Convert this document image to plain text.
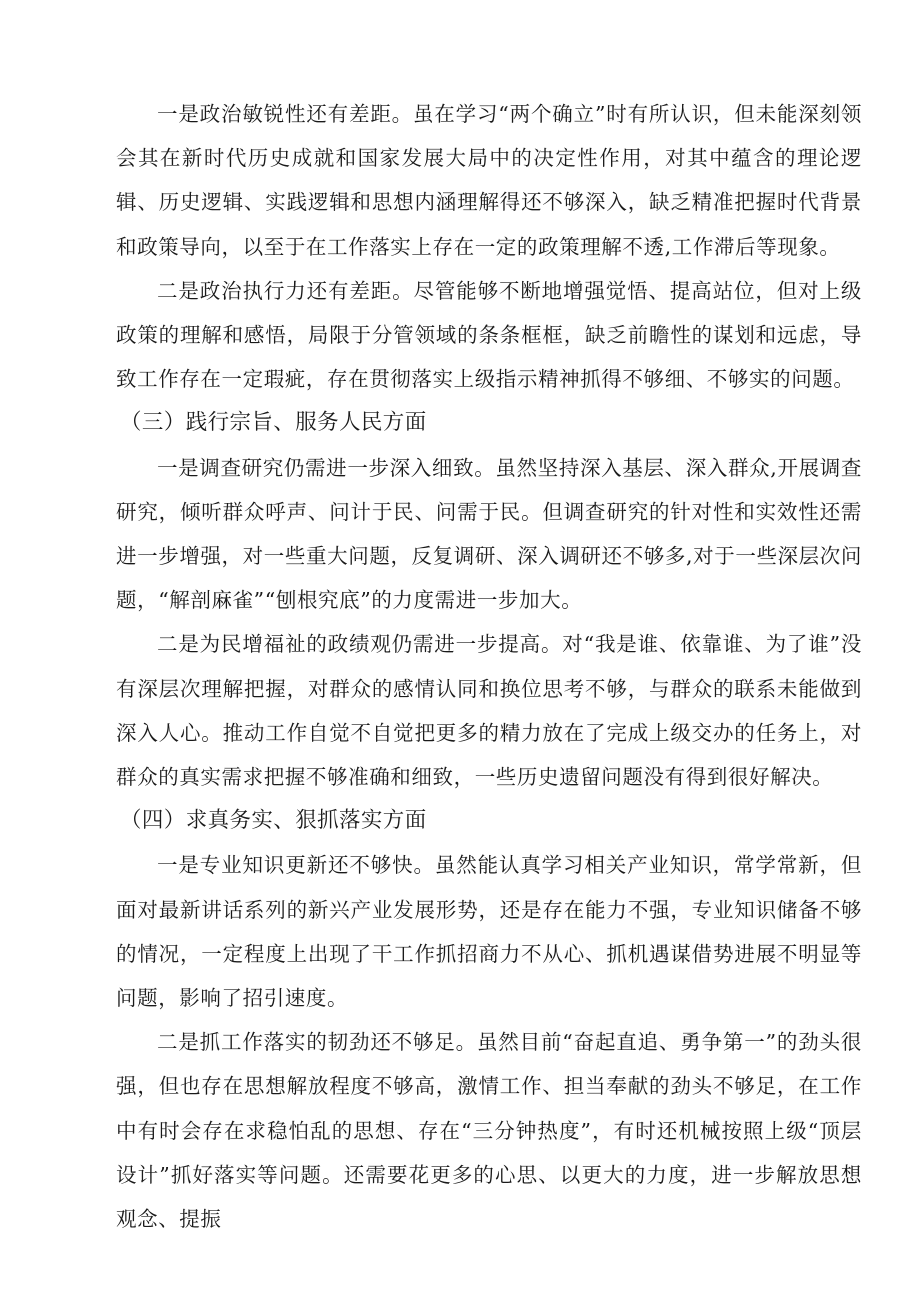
一是政治敏锐性还有差距。虽在学习“两个确立”时有所认识，但未能深刻领会其在新时代历史成就和国家发展大局中的决定性作用，对其中蕴含的理论逻辑、历史逻辑、实践逻辑和思想内涵理解得还不够深入，缺乏精准把握时代背景和政策导向，以至于在工作落实上存在一定的政策理解不透,工作滞后等现象。

二是政治执行力还有差距。尽管能够不断地增强觉悟、提高站位，但对上级政策的理解和感悟，局限于分管领域的条条框框，缺乏前瞻性的谋划和远虑，导致工作存在一定瑕疵，存在贯彻落实上级指示精神抓得不够细、不够实的问题。

（三）践行宗旨、服务人民方面

一是调查研究仍需进一步深入细致。虽然坚持深入基层、深入群众,开展调查研究，倾听群众呼声、问计于民、问需于民。但调查研究的针对性和实效性还需进一步增强，对一些重大问题，反复调研、深入调研还不够多,对于一些深层次问题，“解剖麻雀”“刨根究底”的力度需进一步加大。

二是为民增福祉的政绩观仍需进一步提高。对“我是谁、依靠谁、为了谁”没有深层次理解把握，对群众的感情认同和换位思考不够，与群众的联系未能做到深入人心。推动工作自觉不自觉把更多的精力放在了完成上级交办的任务上，对群众的真实需求把握不够准确和细致，一些历史遗留问题没有得到很好解决。

（四）求真务实、狠抓落实方面

一是专业知识更新还不够快。虽然能认真学习相关产业知识，常学常新，但面对最新讲话系列的新兴产业发展形势，还是存在能力不强，专业知识储备不够的情况，一定程度上出现了干工作抓招商力不从心、抓机遇谋借势进展不明显等问题，影响了招引速度。

二是抓工作落实的韧劲还不够足。虽然目前“奋起直追、勇争第一”的劲头很强，但也存在思想解放程度不够高，激情工作、担当奉献的劲头不够足，在工作中有时会存在求稳怕乱的思想、存在“三分钟热度”，有时还机械按照上级“顶层设计”抓好落实等问题。还需要花更多的心思、以更大的力度，进一步解放思想观念、提振
